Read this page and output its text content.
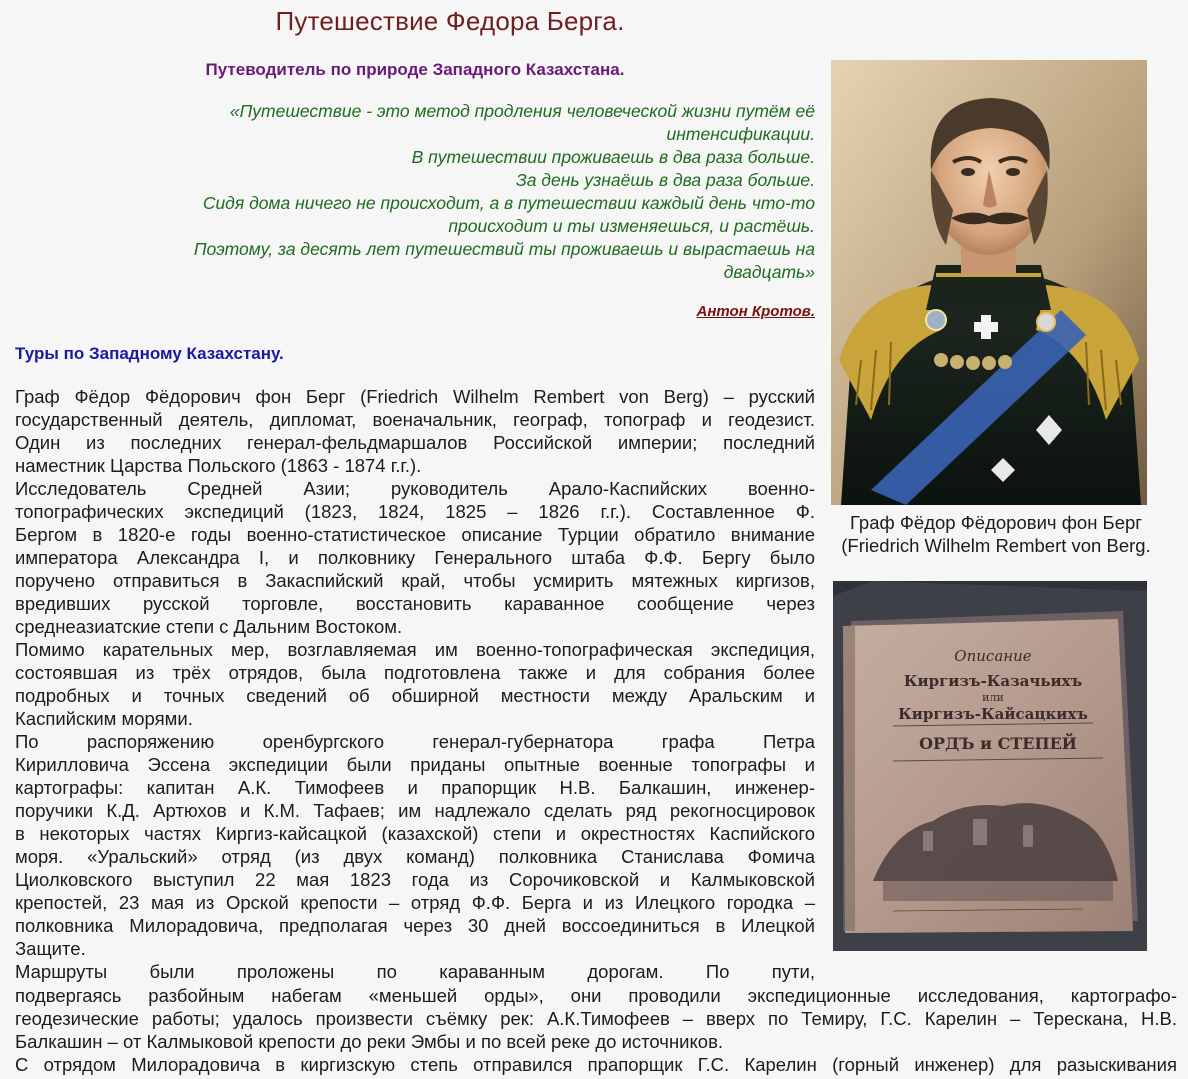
Путешествие Федора Берга.
Путеводитель по природе Западного Казахстана.
«Путешествие - это метод продления человеческой жизни путём её
интенсификации.
В путешествии проживаешь в два раза больше.
За день узнаёшь в два раза больше.
Сидя дома ничего не происходит, а в путешествии каждый день что-то
происходит и ты изменяешься, и растёшь.
Поэтому, за десять лет путешествий ты проживаешь и вырастаешь на
двадцать»
Антон Кротов.
Туры по Западному Казахстану.
Граф Фёдор Фёдорович фон Берг (Friedrich Wilhelm Rembert von Berg.
Описание
Киргизъ-Казачьихъ
или
Киргизъ-Кайсацкихъ
ОРДЪ и СТЕПЕЙ
Граф Фёдор Фёдорович фон Берг (Friedrich Wilhelm Rembert von Berg) – русский
государственный деятель, дипломат, военачальник, географ, топограф и геодезист.
Один из последних генерал-фельдмаршалов Российской империи; последний
наместник Царства Польского (1863 - 1874 г.г.).
Исследователь Средней Азии; руководитель Арало-Каспийских военно-
топографических экспедиций (1823, 1824, 1825 – 1826 г.г.). Составленное Ф.
Бергом в 1820-е годы военно-статистическое описание Турции обратило внимание
императора Александра I, и полковнику Генерального штаба Ф.Ф. Бергу было
поручено отправиться в Закаспийский край, чтобы усмирить мятежных киргизов,
вредивших русской торговле, восстановить караванное сообщение через
среднеазиатские степи с Дальним Востоком.
Помимо карательных мер, возглавляемая им военно-топографическая экспедиция,
состоявшая из трёх отрядов, была подготовлена также и для собрания более
подробных и точных сведений об обширной местности между Аральским и
Каспийским морями.
По распоряжению оренбургского генерал-губернатора графа Петра
Кирилловича Эссена экспедиции были приданы опытные военные топографы и
картографы: капитан А.К. Тимофеев и прапорщик Н.В. Балкашин, инженер-
поручики К.Д. Артюхов и К.М. Тафаев; им надлежало сделать ряд рекогносцировок
в некоторых частях Киргиз-кайсацкой (казахской) степи и окрестностях Каспийского
моря. «Уральский» отряд (из двух команд) полковника Станислава Фомича
Циолковского выступил 22 мая 1823 года из Сорочиковской и Калмыковской
крепостей, 23 мая из Орской крепости – отряд Ф.Ф. Берга и из Илецкого городка –
полковника Милорадовича, предполагая через 30 дней воссоединиться в Илецкой
Защите.
Маршруты были проложены по караванным дорогам. По пути,
подвергаясь разбойным набегам «меньшей орды», они проводили экспедиционные исследования, картографо-
геодезические работы; удалось произвести съёмку рек: А.К.Тимофеев – вверх по Темиру, Г.С. Карелин – Терескана, Н.В.
Балкашин – от Калмыковой крепости до реки Эмбы и по всей реке до источников.
С отрядом Милорадовича в киргизскую степь отправился прапорщик Г.С. Карелин (горный инженер) для разыскивания
